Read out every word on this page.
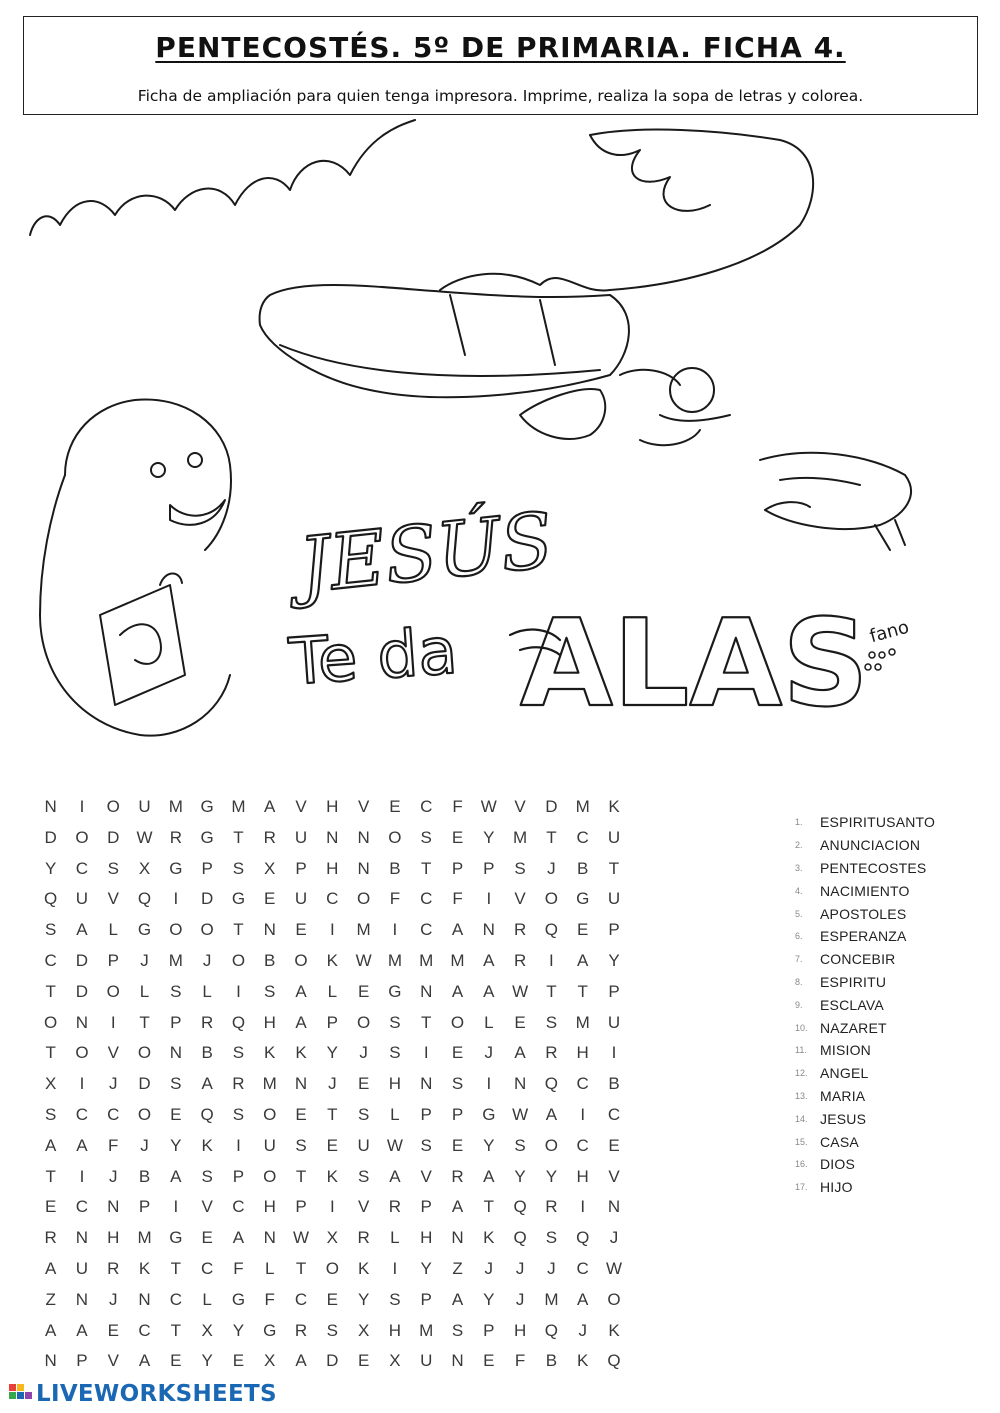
PENTECOSTÉS. 5º DE PRIMARIA. FICHA 4.
Ficha de ampliación para quien tenga impresora. Imprime, realiza la sopa de letras y colorea.
JESÚS
Te da ALAS
fano
N	I	O	U	M	G	M	A	V	H	V	E	C	F	W	V	D	M	K
D	O	D	W	R	G	T	R	U	N	N	O	S	E	Y	M	T	C	U
Y	C	S	X	G	P	S	X	P	H	N	B	T	P	P	S	J	B	T
Q	U	V	Q	I	D	G	E	U	C	O	F	C	F	I	V	O	G	U
S	A	L	G	O	O	T	N	E	I	M	I	C	A	N	R	Q	E	P
C	D	P	J	M	J	O	B	O	K	W M	M	M	A	R	I	A	Y
T	D	O	L	S	L	I	S	A	L	E	G	N	A	A	W	T	T	P
O	N	I	T	P	R	Q	H	A	P	O	S	T	O	L	E	S	M	U
T	O	V	O	N	B	S	K	K	Y	J	S	I	E	J	A	R	H	I
X	I	J	D	S	A	R	M	N	J	E	H	N	S	I	N	Q	C	B
S	C	C	O	E	Q	S	O	E	T	S	L	P	P	G W	A	I	C
A	A	F	J	Y	K	I	U	S	E	U	W	S	E	Y	S	O	C	E
T	I	J	B	A	S	P	O	T	K	S	A	V	R	A	Y	Y	H	V
E	C	N	P	I	V	C	H	P	I	V	R	P	A	T	Q	R	I	N
R	N	H	M	G	E	A	N	W	X	R	L	H	N	K	Q	S	Q	J
A	U	R	K	T	C	F	L	T	O	K	I	Y	Z	J	J	J	C	W
Z	N	J	N	C	L	G	F	C	E	Y	S	P	A	Y	J	M	A	O
A	A	E	C	T	X	Y	G	R	S	X	H	M	S	P	H	Q	J	K
N	P	V	A	E	Y	E	X	A	D	E	X	U	N	E	F	B	K	Q
1.	ESPIRITUSANTO
2.	ANUNCIACION
3.	PENTECOSTES
4.	NACIMIENTO
5.	APOSTOLES
6.	ESPERANZA
7.	CONCEBIR
8.	ESPIRITU
9.	ESCLAVA
10. NAZARET
11. MISION
12. ANGEL
13. MARIA
14. JESUS
15. CASA
16. DIOS
17. HIJO
LIVEWORKSHEETS
